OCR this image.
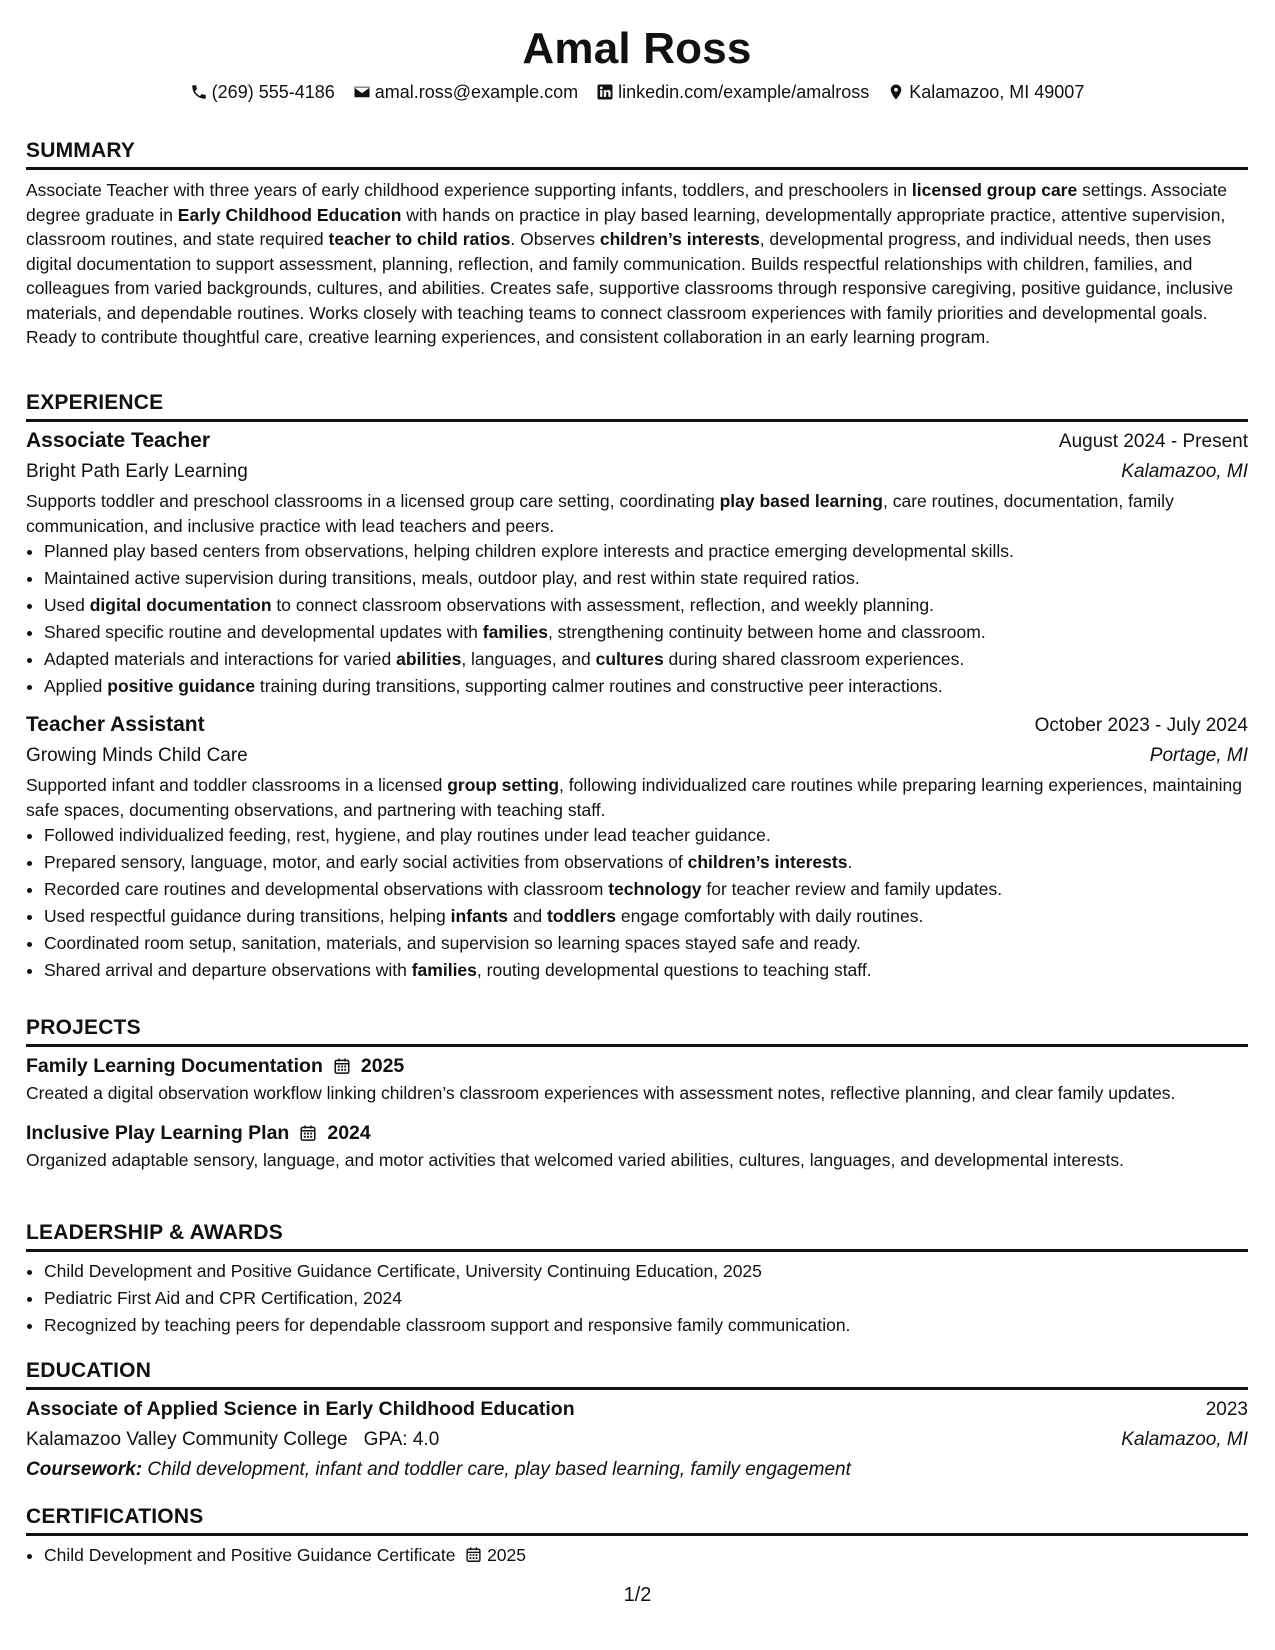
Amal Ross
(269) 555-4186 amal.ross@example.com linkedin.com/example/amalross Kalamazoo, MI 49007
SUMMARY

Associate Teacher with three years of early childhood experience supporting infants, toddlers, and preschoolers in licensed group care settings. Associate degree graduate in Early Childhood Education with hands on practice in play based learning, developmentally appropriate practice, attentive supervision, classroom routines, and state required teacher to child ratios. Observes children’s interests, developmental progress, and individual needs, then uses digital documentation to support assessment, planning, reflection, and family communication. Builds respectful relationships with children, families, and colleagues from varied backgrounds, cultures, and abilities. Creates safe, supportive classrooms through responsive caregiving, positive guidance, inclusive materials, and dependable routines. Works closely with teaching teams to connect classroom experiences with family priorities and developmental goals. Ready to contribute thoughtful care, creative learning experiences, and consistent collaboration in an early learning program.

EXPERIENCE
Associate Teacher	August 2024 - Present
Bright Path Early Learning	Kalamazoo, MI

Supports toddler and preschool classrooms in a licensed group care setting, coordinating play based learning, care routines, documentation, family communication, and inclusive practice with lead teachers and peers.

• Planned play based centers from observations, helping children explore interests and practice emerging developmental skills.
• Maintained active supervision during transitions, meals, outdoor play, and rest within state required ratios.
• Used digital documentation to connect classroom observations with assessment, reflection, and weekly planning.
• Shared specific routine and developmental updates with families, strengthening continuity between home and classroom.
• Adapted materials and interactions for varied abilities, languages, and cultures during shared classroom experiences.
• Applied positive guidance training during transitions, supporting calmer routines and constructive peer interactions.
Teacher Assistant	October 2023 - July 2024
Growing Minds Child Care	Portage, MI

Supported infant and toddler classrooms in a licensed group setting, following individualized care routines while preparing learning experiences, maintaining safe spaces, documenting observations, and partnering with teaching staff.

• Followed individualized feeding, rest, hygiene, and play routines under lead teacher guidance.
• Prepared sensory, language, motor, and early social activities from observations of children’s interests.
• Recorded care routines and developmental observations with classroom technology for teacher review and family updates.
• Used respectful guidance during transitions, helping infants and toddlers engage comfortably with daily routines.
• Coordinated room setup, sanitation, materials, and supervision so learning spaces stayed safe and ready.
• Shared arrival and departure observations with families, routing developmental questions to teaching staff.
PROJECTS
Family Learning Documentation 2025

Created a digital observation workflow linking children’s classroom experiences with assessment notes, reflective planning, and clear family updates.

Inclusive Play Learning Plan 2024

Organized adaptable sensory, language, and motor activities that welcomed varied abilities, cultures, languages, and developmental interests.

LEADERSHIP & AWARDS
• Child Development and Positive Guidance Certificate, University Continuing Education, 2025
• Pediatric First Aid and CPR Certification, 2024
• Recognized by teaching peers for dependable classroom support and responsive family communication.
EDUCATION
Associate of Applied Science in Early Childhood Education	2023
Kalamazoo Valley Community College GPA: 4.0	Kalamazoo, MI
Coursework: Child development, infant and toddler care, play based learning, family engagement
CERTIFICATIONS
• Child Development and Positive Guidance Certificate 2025
1/2
